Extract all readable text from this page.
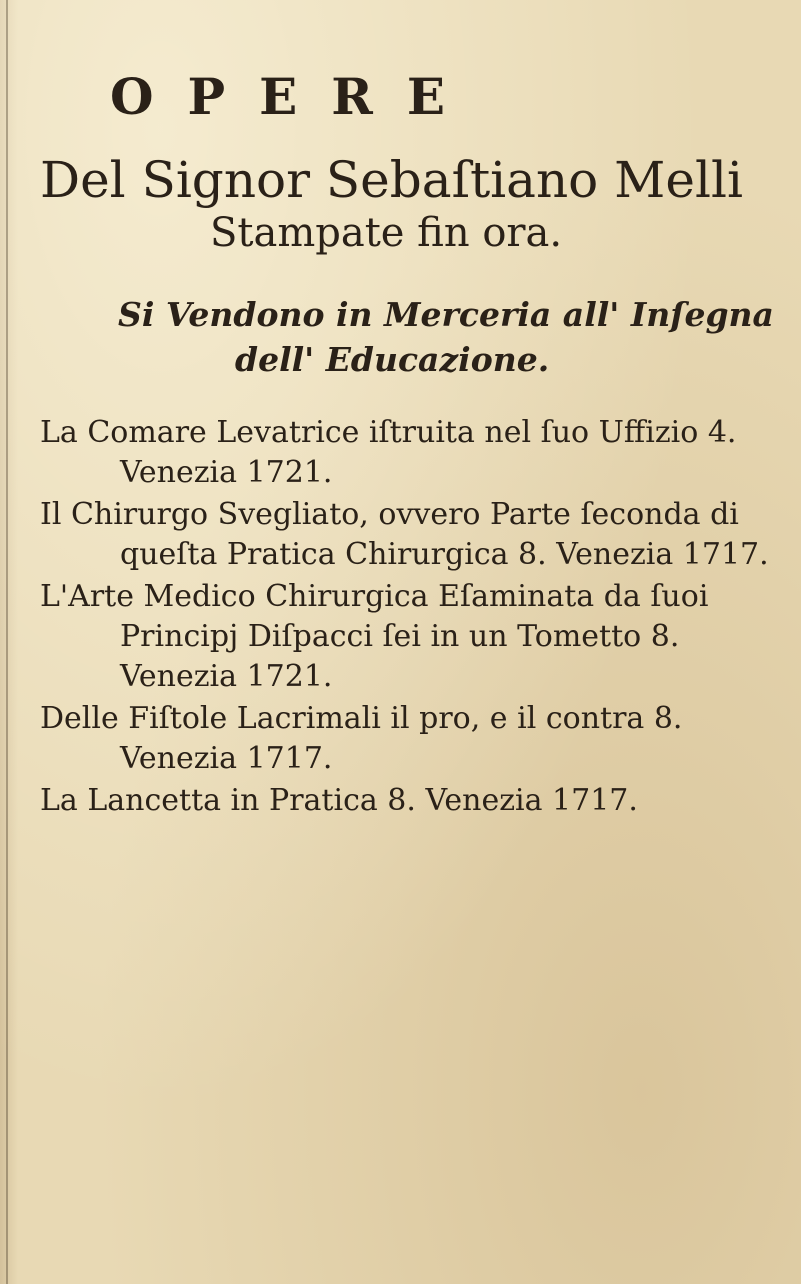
OPERE
Del Signor Sebaſtiano Melli
Stampate fin ora.
Si Vendono in Merceria all' Inſegna
dell' Educazione.

La Comare Levatrice iſtruita nel ſuo Uffizio 4. Venezia 1721.

Il Chirurgo Svegliato, ovvero Parte ſeconda di queſta Pratica Chirurgica 8. Venezia 1717.

L'Arte Medico Chirurgica Eſaminata da ſuoi Principj Diſpacci ſei in un Tometto 8. Venezia 1721.

Delle Fiſtole Lacrimali il pro, e il contra 8. Venezia 1717.

La Lancetta in Pratica 8. Venezia 1717.
